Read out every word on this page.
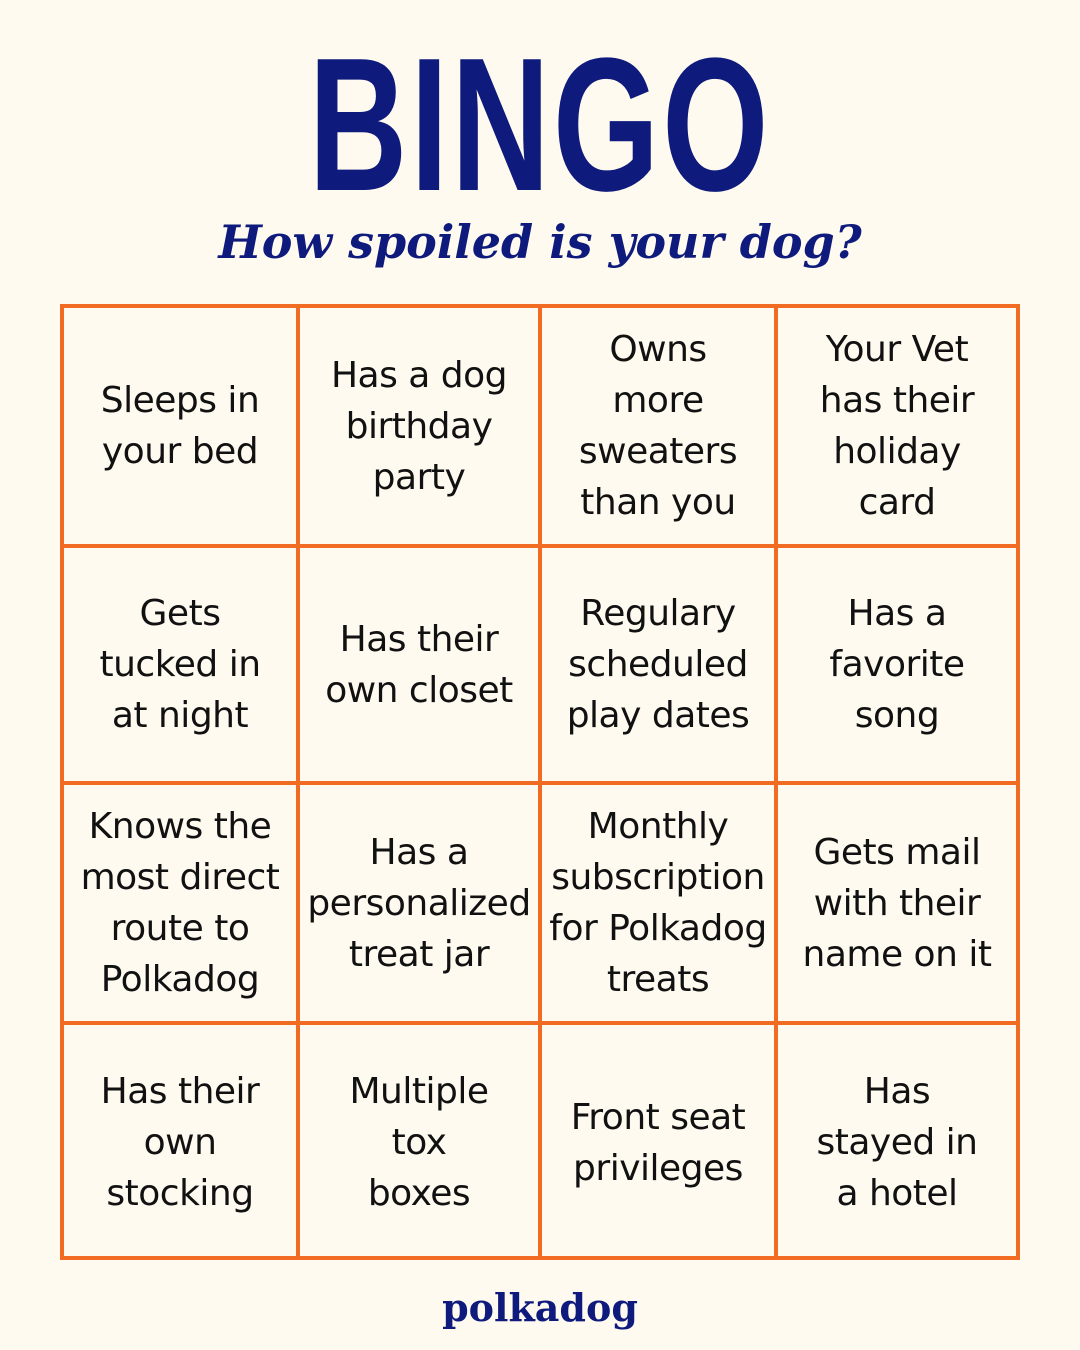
BINGO
How spoiled is your dog?
Sleeps in
your bed
Has a dog
birthday
party
Owns
more
sweaters
than you
Your Vet
has their
holiday
card
Gets
tucked in
at night
Has their
own closet
Regulary
scheduled
play dates
Has a
favorite
song
Knows the
most direct
route to
Polkadog
Has a
personalized
treat jar
Monthly
subscription
for Polkadog
treats
Gets mail
with their
name on it
Has their
own
stocking
Multiple
tox
boxes
Front seat
privileges
Has
stayed in
a hotel
polkadog
